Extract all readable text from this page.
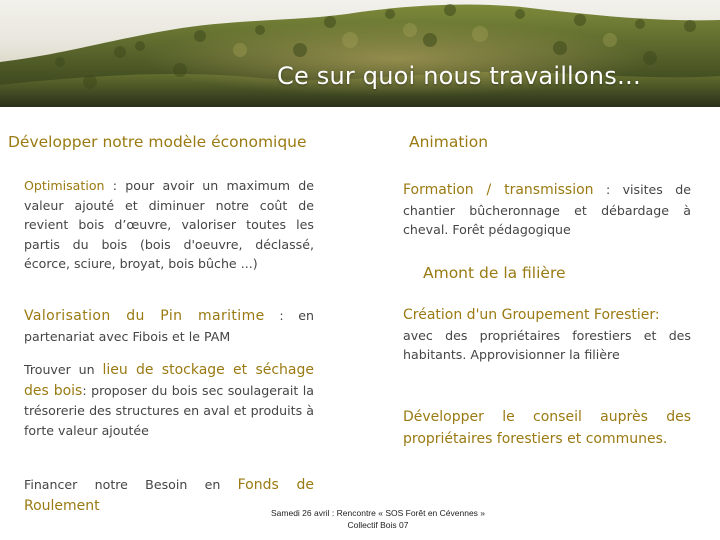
Ce sur quoi nous travaillons…
Développer notre modèle économique
Optimisation : pour avoir un maximum de valeur ajouté et diminuer notre coût de revient bois d’œuvre, valoriser toutes les partis du bois (bois d'oeuvre, déclassé, écorce, sciure, broyat, bois bûche ...)
Valorisation du Pin maritime : en partenariat avec Fibois et le PAM
Trouver un lieu de stockage et séchage des bois: proposer du bois sec soulagerait la trésorerie des structures en aval et produits à forte valeur ajoutée
Financer notre Besoin en Fonds de Roulement
Animation
Formation / transmission : visites de chantier bûcheronnage et débardage à cheval. Forêt pédagogique
Amont de la filière
Création d'un Groupement Forestier:
avec des propriétaires forestiers et des habitants. Approvisionner la filière
Développer le conseil auprès des propriétaires forestiers et communes.
Samedi 26 avril : Rencontre « SOS Forêt en Cévennes »
Collectif Bois 07
